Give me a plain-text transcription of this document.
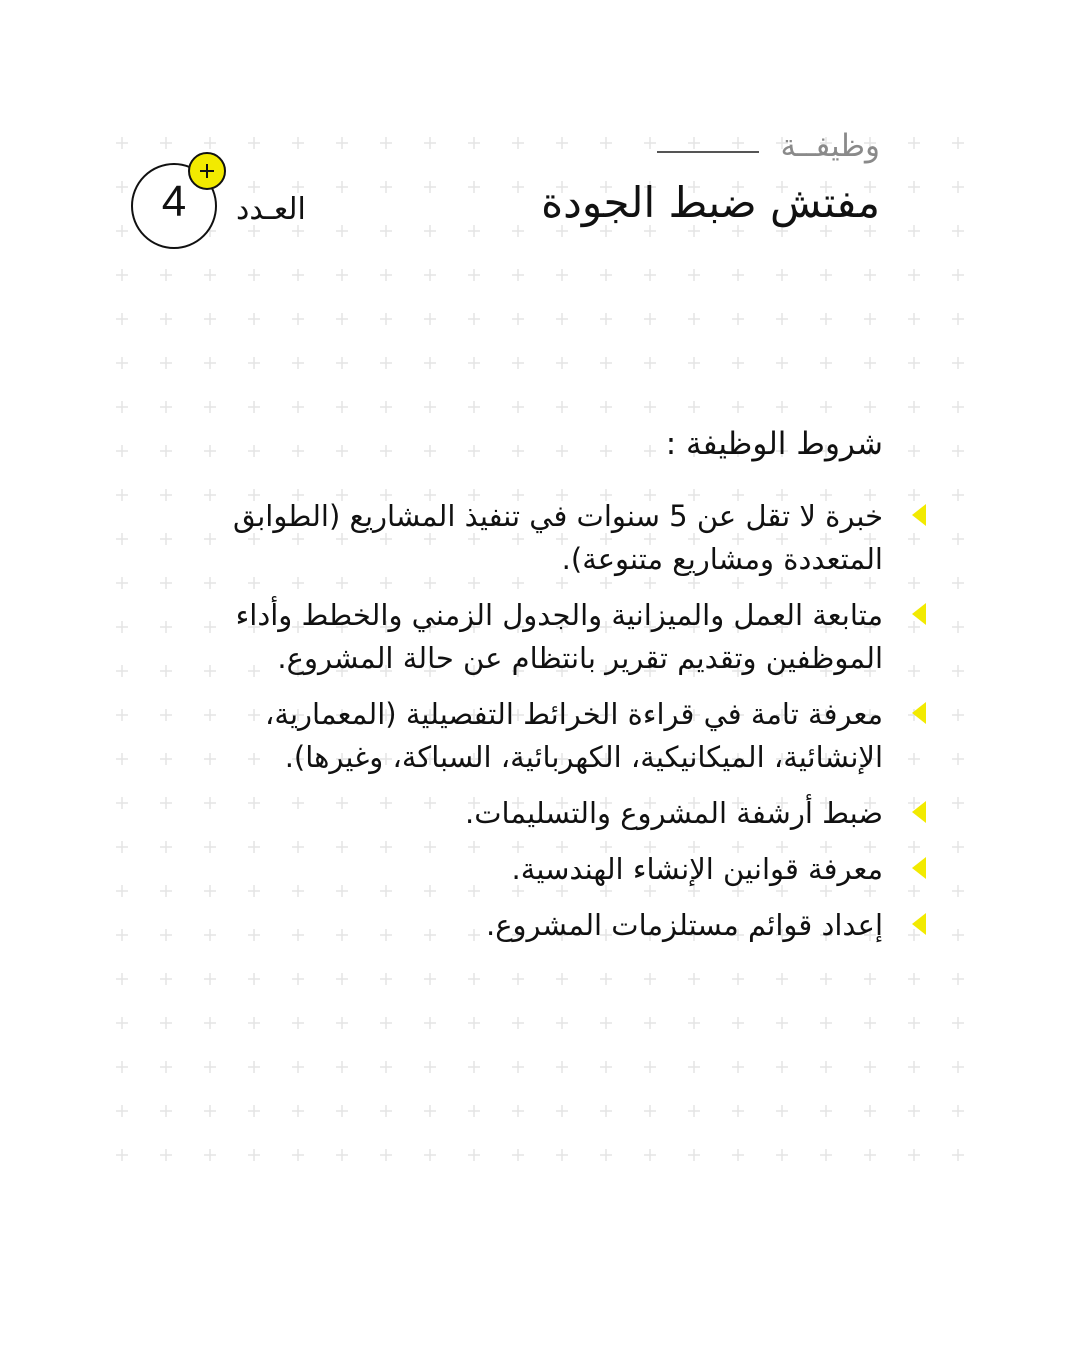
وظيفــة
مفتش ضبط الجودة
العـدد
4
شروط الوظيفة :
خبرة لا تقل عن 5 سنوات في تنفيذ المشاريع (الطوابق المتعددة ومشاريع متنوعة).
متابعة العمل والميزانية والجدول الزمني والخطط وأداء الموظفين وتقديم تقرير بانتظام عن حالة المشروع.
معرفة تامة في قراءة الخرائط التفصيلية (المعمارية، الإنشائية، الميكانيكية، الكهربائية، السباكة، وغيرها).
ضبط أرشفة المشروع والتسليمات.
معرفة قوانين الإنشاء الهندسية.
إعداد قوائم مستلزمات المشروع.
